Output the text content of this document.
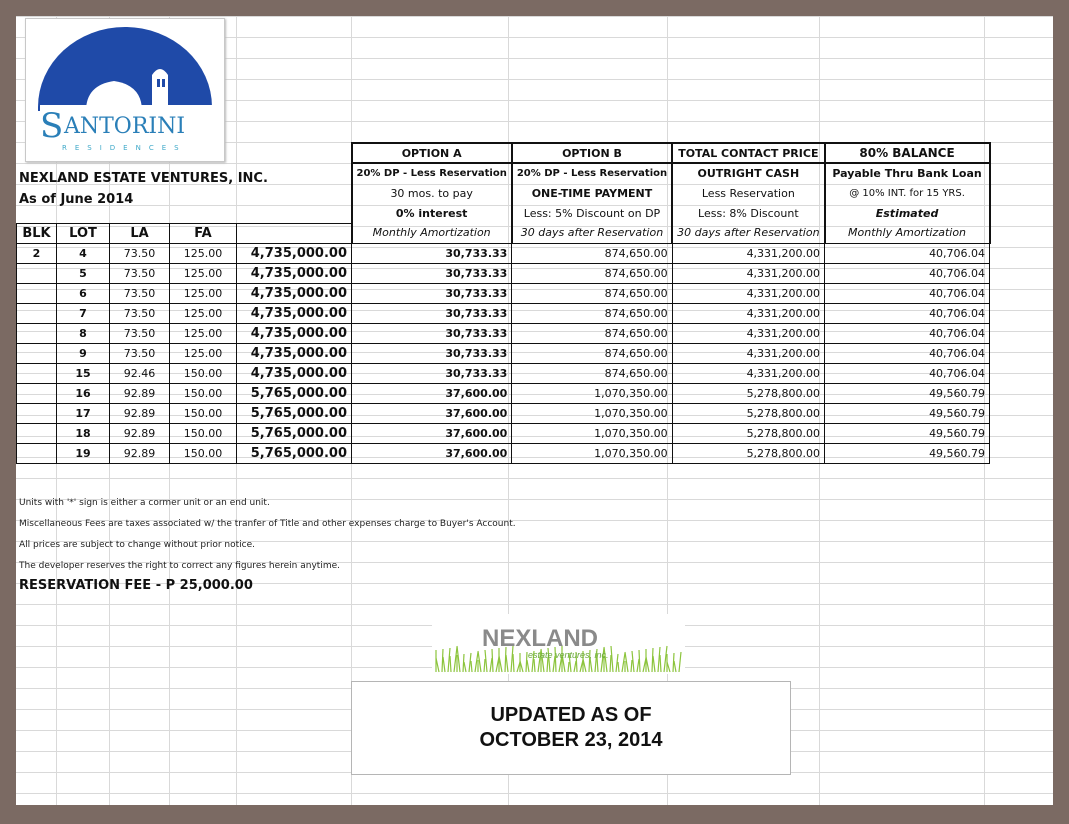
S ANTORINI
RESIDENCES
NEXLAND ESTATE VENTURES, INC.
As of June 2014
					OPTION A	OPTION B	TOTAL CONTACT PRICE	80% BALANCE
					20% DP - Less Reservation	20% DP - Less Reservation	OUTRIGHT CASH	Payable Thru Bank Loan
					30 mos. to pay	ONE-TIME PAYMENT	Less Reservation	@ 10% INT. for 15 YRS.
					0% interest	Less: 5% Discount on DP	Less: 8% Discount	Estimated
BLK	LOT	LA	FA		Monthly Amortization	30 days after Reservation	30 days after Reservation	Monthly Amortization
2	4	73.50	125.00	4,735,000.00	30,733.33	874,650.00	4,331,200.00	40,706.04
	5	73.50	125.00	4,735,000.00	30,733.33	874,650.00	4,331,200.00	40,706.04
	6	73.50	125.00	4,735,000.00	30,733.33	874,650.00	4,331,200.00	40,706.04
	7	73.50	125.00	4,735,000.00	30,733.33	874,650.00	4,331,200.00	40,706.04
	8	73.50	125.00	4,735,000.00	30,733.33	874,650.00	4,331,200.00	40,706.04
	9	73.50	125.00	4,735,000.00	30,733.33	874,650.00	4,331,200.00	40,706.04
	15	92.46	150.00	4,735,000.00	30,733.33	874,650.00	4,331,200.00	40,706.04
	16	92.89	150.00	5,765,000.00	37,600.00	1,070,350.00	5,278,800.00	49,560.79
	17	92.89	150.00	5,765,000.00	37,600.00	1,070,350.00	5,278,800.00	49,560.79
	18	92.89	150.00	5,765,000.00	37,600.00	1,070,350.00	5,278,800.00	49,560.79
	19	92.89	150.00	5,765,000.00	37,600.00	1,070,350.00	5,278,800.00	49,560.79
Units with '*' sign is either a cormer unit or an end unit.
Miscellaneous Fees are taxes associated w/ the tranfer of Title and other expenses charge to Buyer's Account.
All prices are subject to change without prior notice.
The developer reserves the right to correct any figures herein anytime.
RESERVATION FEE - P 25,000.00
NEXLAND
estate ventures, inc.
UPDATED AS OF
OCTOBER 23, 2014
